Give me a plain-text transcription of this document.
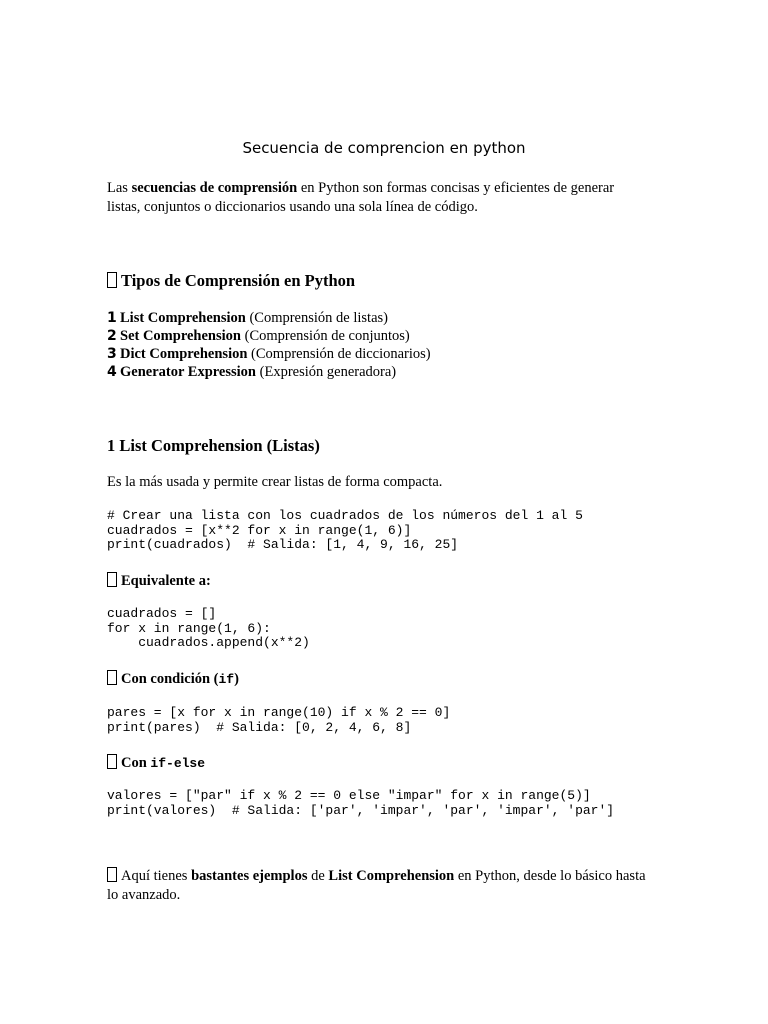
Secuencia de comprencion en python

Las secuencias de comprensión en Python son formas concisas y eficientes de generar listas, conjuntos o diccionarios usando una sola línea de código.

Tipos de Comprensión en Python
1 List Comprehension (Comprensión de listas)
2 Set Comprehension (Comprensión de conjuntos)
3 Dict Comprehension (Comprensión de diccionarios)
4 Generator Expression (Expresión generadora)
1 List Comprehension (Listas)

Es la más usada y permite crear listas de forma compacta.

# Crear una lista con los cuadrados de los números del 1 al 5
cuadrados = [x**2 for x in range(1, 6)]
print(cuadrados)  # Salida: [1, 4, 9, 16, 25]
Equivalente a:
cuadrados = []
for x in range(1, 6):
cuadrados.append(x**2)
Con condición (if)
pares = [x for x in range(10) if x % 2 == 0]
print(pares)  # Salida: [0, 2, 4, 6, 8]
Con if-else
valores = ["par" if x % 2 == 0 else "impar" for x in range(5)]
print(valores)  # Salida: ['par', 'impar', 'par', 'impar', 'par']

Aquí tienes bastantes ejemplos de List Comprehension en Python, desde lo básico hasta lo avanzado.
